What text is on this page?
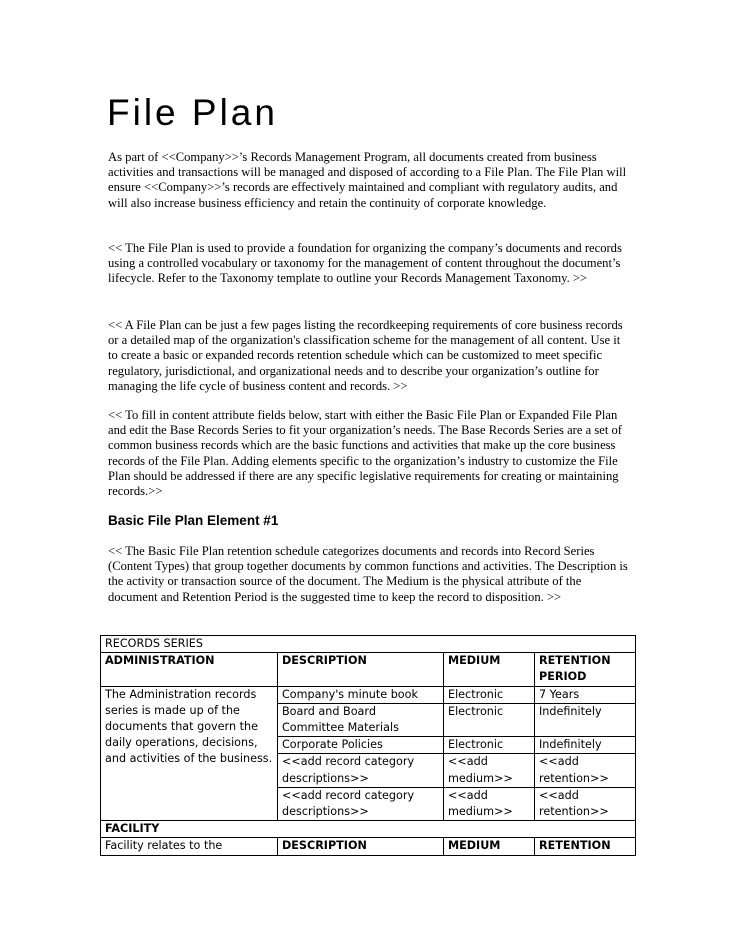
File Plan

As part of <<Company>>’s Records Management Program, all documents created from business activities and transactions will be managed and disposed of according to a File Plan. The File Plan will ensure <<Company>>’s records are effectively maintained and compliant with regulatory audits, and will also increase business efficiency and retain the continuity of corporate knowledge.

<< The File Plan is used to provide a foundation for organizing the company’s documents and records using a controlled vocabulary or taxonomy for the management of content throughout the document’s lifecycle. Refer to the Taxonomy template to outline your Records Management Taxonomy. >>

<< A File Plan can be just a few pages listing the recordkeeping requirements of core business records or a detailed map of the organization's classification scheme for the management of all content. Use it to create a basic or expanded records retention schedule which can be customized to meet specific regulatory, jurisdictional, and organizational needs and to describe your organization’s outline for managing the life cycle of business content and records. >>

<< To fill in content attribute fields below, start with either the Basic File Plan or Expanded File Plan and edit the Base Records Series to fit your organization’s needs. The Base Records Series are a set of common business records which are the basic functions and activities that make up the core business records of the File Plan. Adding elements specific to the organization’s industry to customize the File Plan should be addressed if there are any specific legislative requirements for creating or maintaining records.>>

Basic File Plan Element #1

<< The Basic File Plan retention schedule categorizes documents and records into Record Series (Content Types) that group together documents by common functions and activities. The Description is the activity or transaction source of the document. The Medium is the physical attribute of the document and Retention Period is the suggested time to keep the record to disposition. >>

RECORDS SERIES			
ADMINISTRATION	DESCRIPTION	MEDIUM	RETENTION PERIOD
The Administration records series is made up of the documents that govern the daily operations, decisions, and activities of the business.	Company's minute book	Electronic	7 Years
	Board and Board Committee Materials	Electronic	Indefinitely
	Corporate Policies	Electronic	Indefinitely
	<<add record category descriptions>>	<<add medium>>	<<add retention>>
	<<add record category descriptions>>	<<add medium>>	<<add retention>>
FACILITY			
Facility relates to the	DESCRIPTION	MEDIUM	RETENTION
